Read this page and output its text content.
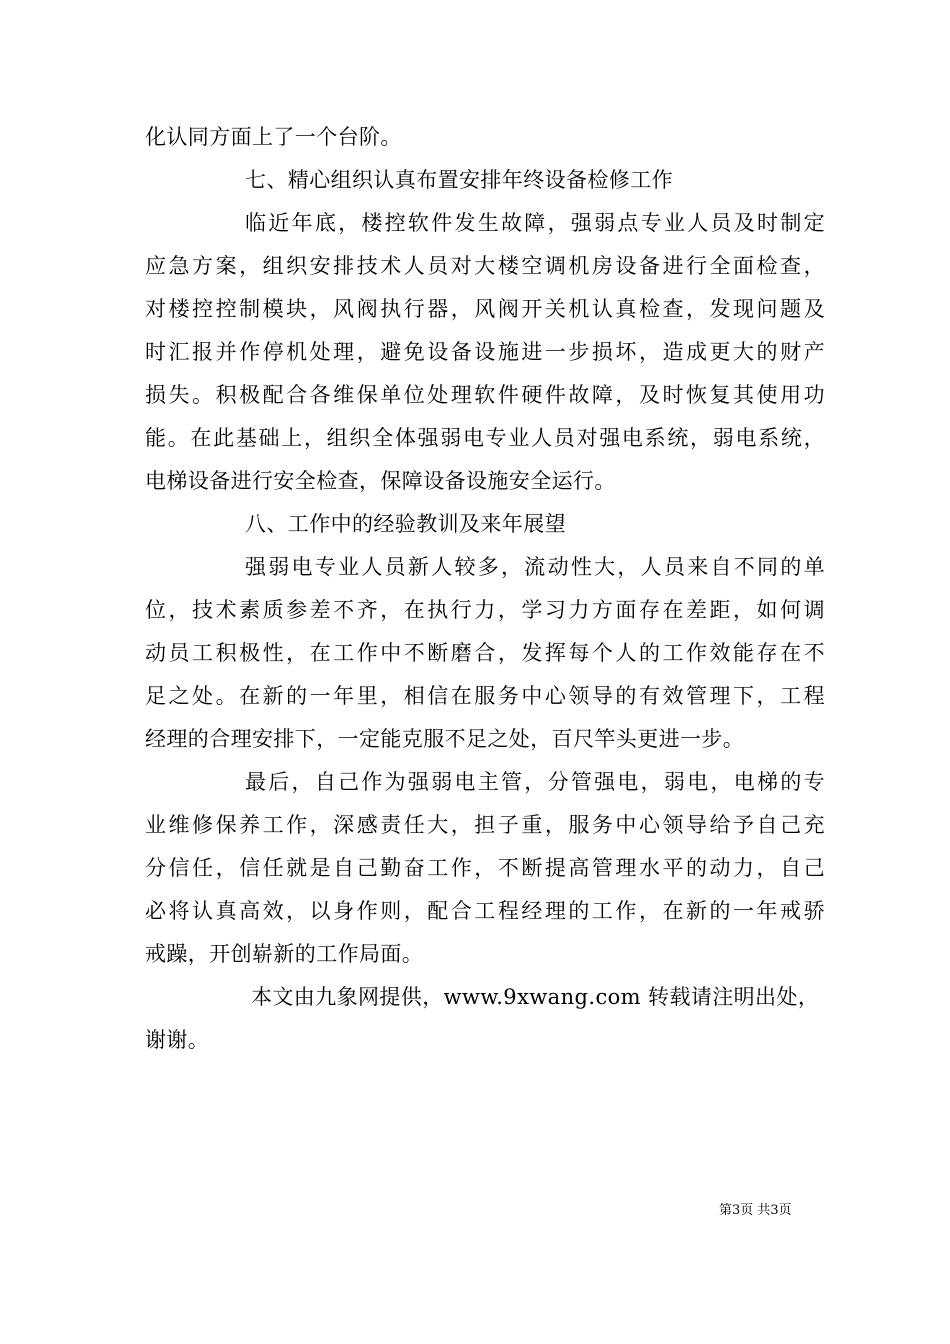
化认同方面上了一个台阶。
七、精心组织认真布置安排年终设备检修工作
临近年底，楼控软件发生故障，强弱点专业人员及时制定
应急方案，组织安排技术人员对大楼空调机房设备进行全面检查，
对楼控控制模块，风阀执行器，风阀开关机认真检查，发现问题及
时汇报并作停机处理，避免设备设施进一步损坏，造成更大的财产
损失。积极配合各维保单位处理软件硬件故障，及时恢复其使用功
能。在此基础上，组织全体强弱电专业人员对强电系统，弱电系统，
电梯设备进行安全检查，保障设备设施安全运行。
八、工作中的经验教训及来年展望
强弱电专业人员新人较多，流动性大，人员来自不同的单
位，技术素质参差不齐，在执行力，学习力方面存在差距，如何调
动员工积极性，在工作中不断磨合，发挥每个人的工作效能存在不
足之处。在新的一年里，相信在服务中心领导的有效管理下，工程
经理的合理安排下，一定能克服不足之处，百尺竿头更进一步。
最后，自己作为强弱电主管，分管强电，弱电，电梯的专
业维修保养工作，深感责任大，担子重，服务中心领导给予自己充
分信任，信任就是自己勤奋工作，不断提高管理水平的动力，自己
必将认真高效，以身作则，配合工程经理的工作，在新的一年戒骄
戒躁，开创崭新的工作局面。
本文由九象网提供，www.9xwang.com 转载请注明出处，
谢谢。
第3页 共3页
